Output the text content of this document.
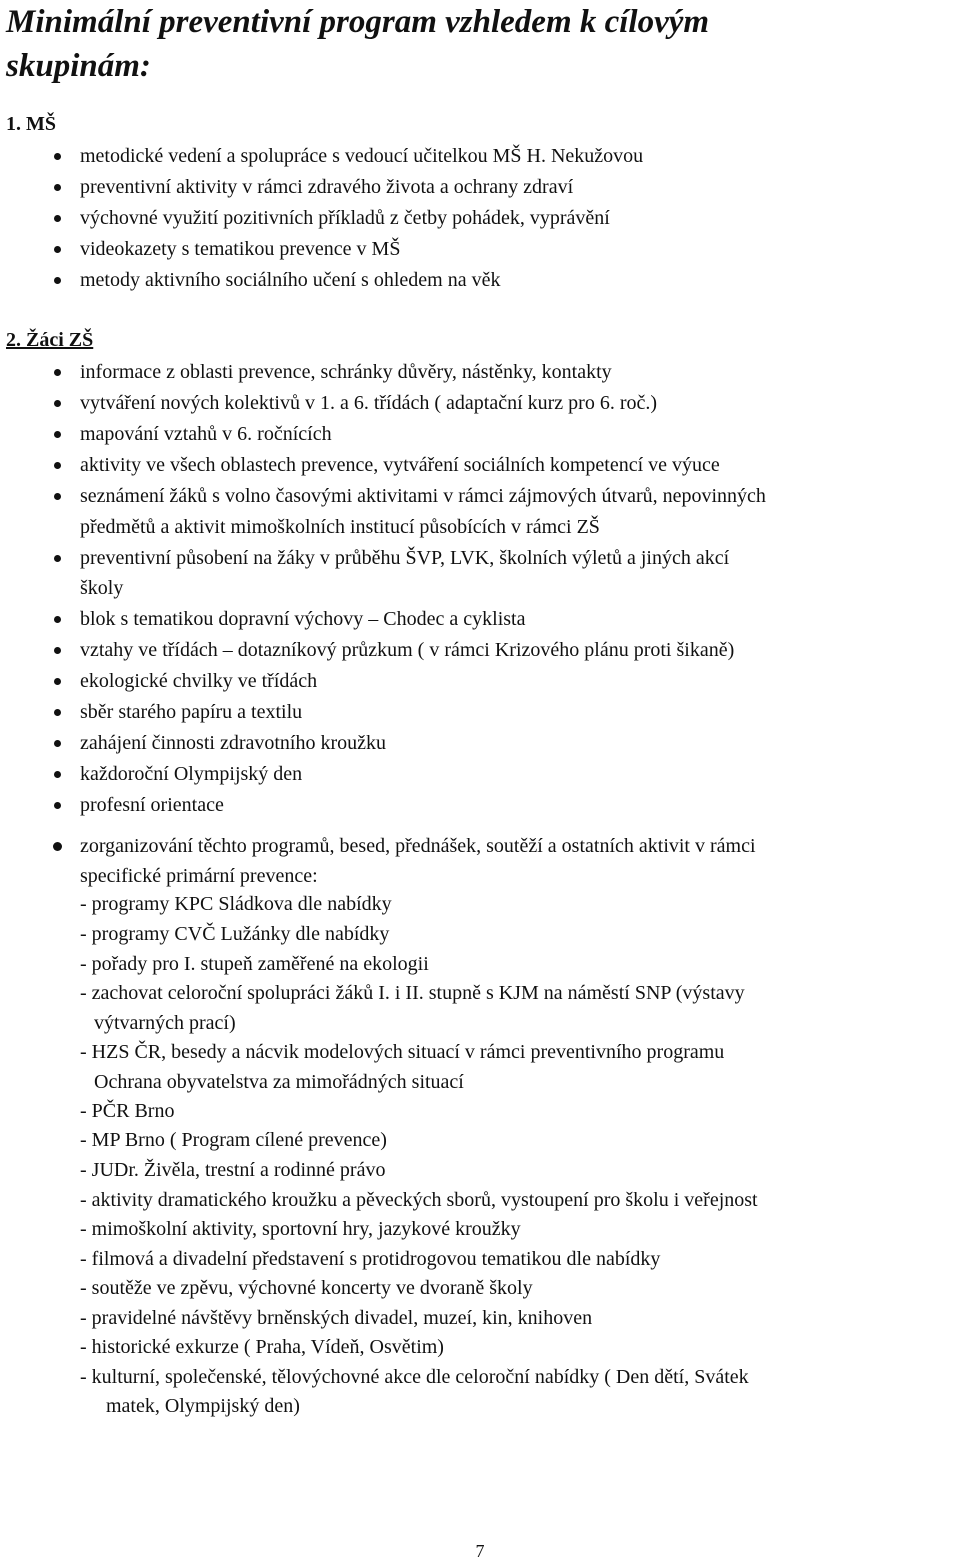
Minimální preventivní program vzhledem k cílovým
skupinám:

1. MŠ

metodické vedení a spolupráce s vedoucí učitelkou MŠ H. Nekužovou

preventivní aktivity v rámci zdravého života a ochrany zdraví

výchovné využití pozitivních příkladů z četby pohádek, vyprávění

videokazety s tematikou prevence v MŠ

metody aktivního sociálního učení s ohledem na věk

2. Žáci ZŠ

informace z oblasti prevence, schránky důvěry, nástěnky, kontakty

vytváření nových kolektivů v 1. a 6. třídách ( adaptační kurz pro 6. roč.)

mapování vztahů v 6. ročnících

aktivity ve všech oblastech prevence, vytváření sociálních kompetencí ve výuce

seznámení žáků s volno časovými aktivitami v rámci zájmových útvarů, nepovinných

předmětů a aktivit mimoškolních institucí působících v rámci ZŠ

preventivní působení na žáky v průběhu ŠVP, LVK, školních výletů a jiných akcí

školy

blok s tematikou dopravní výchovy – Chodec a cyklista

vztahy ve třídách – dotazníkový průzkum ( v rámci Krizového plánu proti šikaně)

ekologické chvilky ve třídách

sběr starého papíru a textilu

zahájení činnosti zdravotního kroužku

každoroční Olympijský den

profesní orientace

zorganizování těchto programů, besed, přednášek, soutěží a ostatních aktivit v rámci

specifické primární prevence:

- programy KPC Sládkova dle nabídky

- programy CVČ Lužánky dle nabídky

- pořady pro I. stupeň zaměřené na ekologii

- zachovat celoroční spolupráci žáků I. i II. stupně s KJM na náměstí SNP (výstavy

výtvarných prací)

- HZS ČR, besedy a nácvik modelových situací v rámci preventivního programu

Ochrana obyvatelstva za mimořádných situací

- PČR Brno

- MP Brno ( Program cílené prevence)

- JUDr. Živěla, trestní a rodinné právo

- aktivity dramatického kroužku a pěveckých sborů, vystoupení pro školu i veřejnost

- mimoškolní aktivity, sportovní hry, jazykové kroužky

- filmová a divadelní představení s protidrogovou tematikou dle nabídky

- soutěže ve zpěvu, výchovné koncerty ve dvoraně školy

- pravidelné návštěvy brněnských divadel, muzeí, kin, knihoven

- historické exkurze ( Praha, Vídeň, Osvětim)

- kulturní, společenské, tělovýchovné akce dle celoroční nabídky ( Den dětí, Svátek

matek, Olympijský den)

7
